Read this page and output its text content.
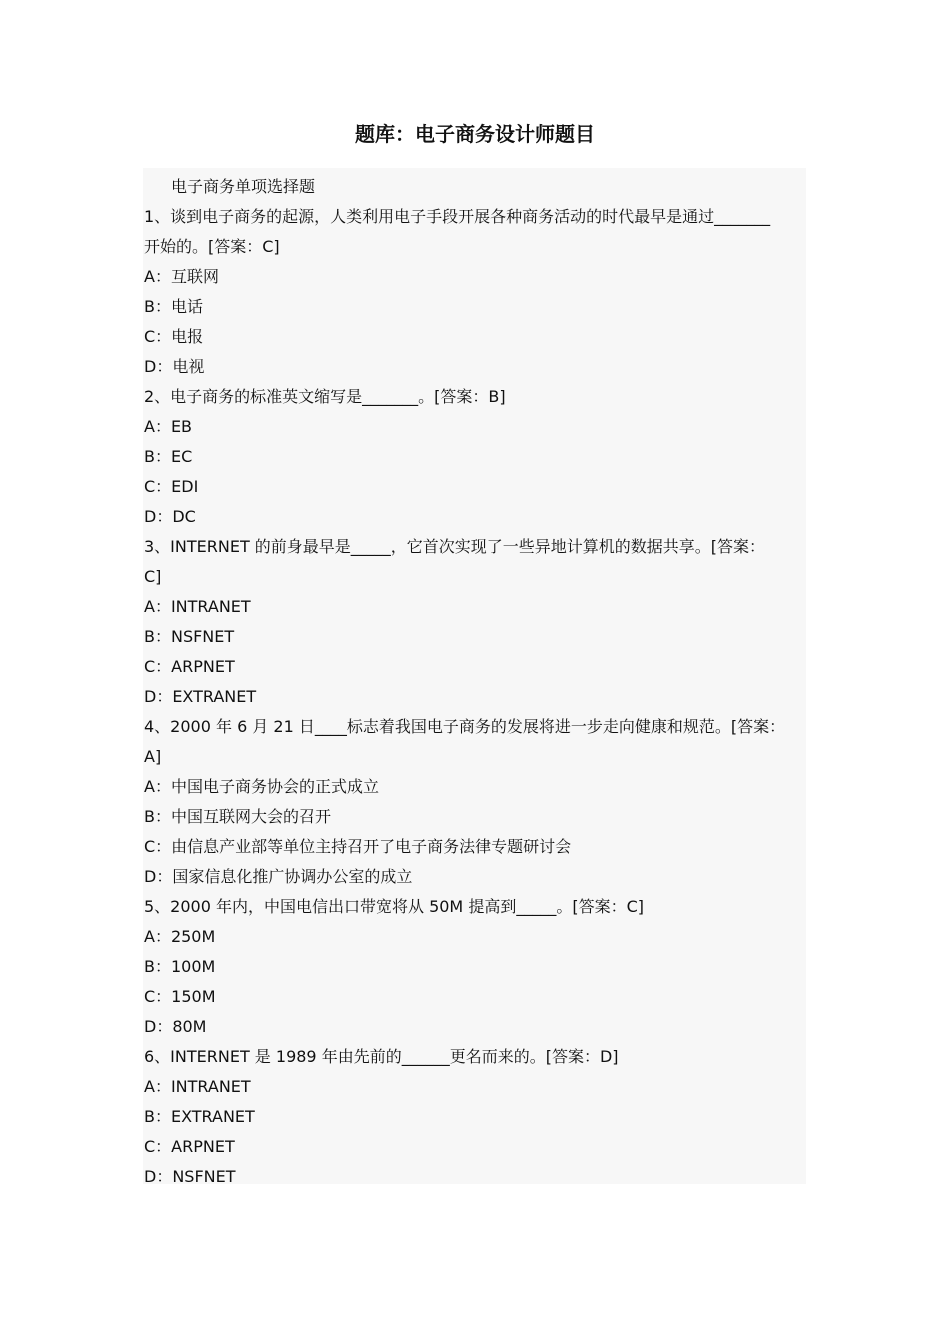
题库：电子商务设计师题目
电子商务单项选择题
1、谈到电子商务的起源，人类利用电子手段开展各种商务活动的时代最早是通过_______
开始的。[答案：C]
A：互联网
B：电话
C：电报
D：电视
2、电子商务的标准英文缩写是_______。[答案：B]
A：EB
B：EC
C：EDI
D：DC
3、INTERNET 的前身最早是_____，它首次实现了一些异地计算机的数据共享。[答案：
C]
A：INTRANET
B：NSFNET
C：ARPNET
D：EXTRANET
4、2000 年 6 月 21 日____标志着我国电子商务的发展将进一步走向健康和规范。[答案：
A]
A：中国电子商务协会的正式成立
B：中国互联网大会的召开
C：由信息产业部等单位主持召开了电子商务法律专题研讨会
D：国家信息化推广协调办公室的成立
5、2000 年内，中国电信出口带宽将从 50M 提高到_____。[答案：C]
A：250M
B：100M
C：150M
D：80M
6、INTERNET 是 1989 年由先前的______更名而来的。[答案：D]
A：INTRANET
B：EXTRANET
C：ARPNET
D：NSFNET
